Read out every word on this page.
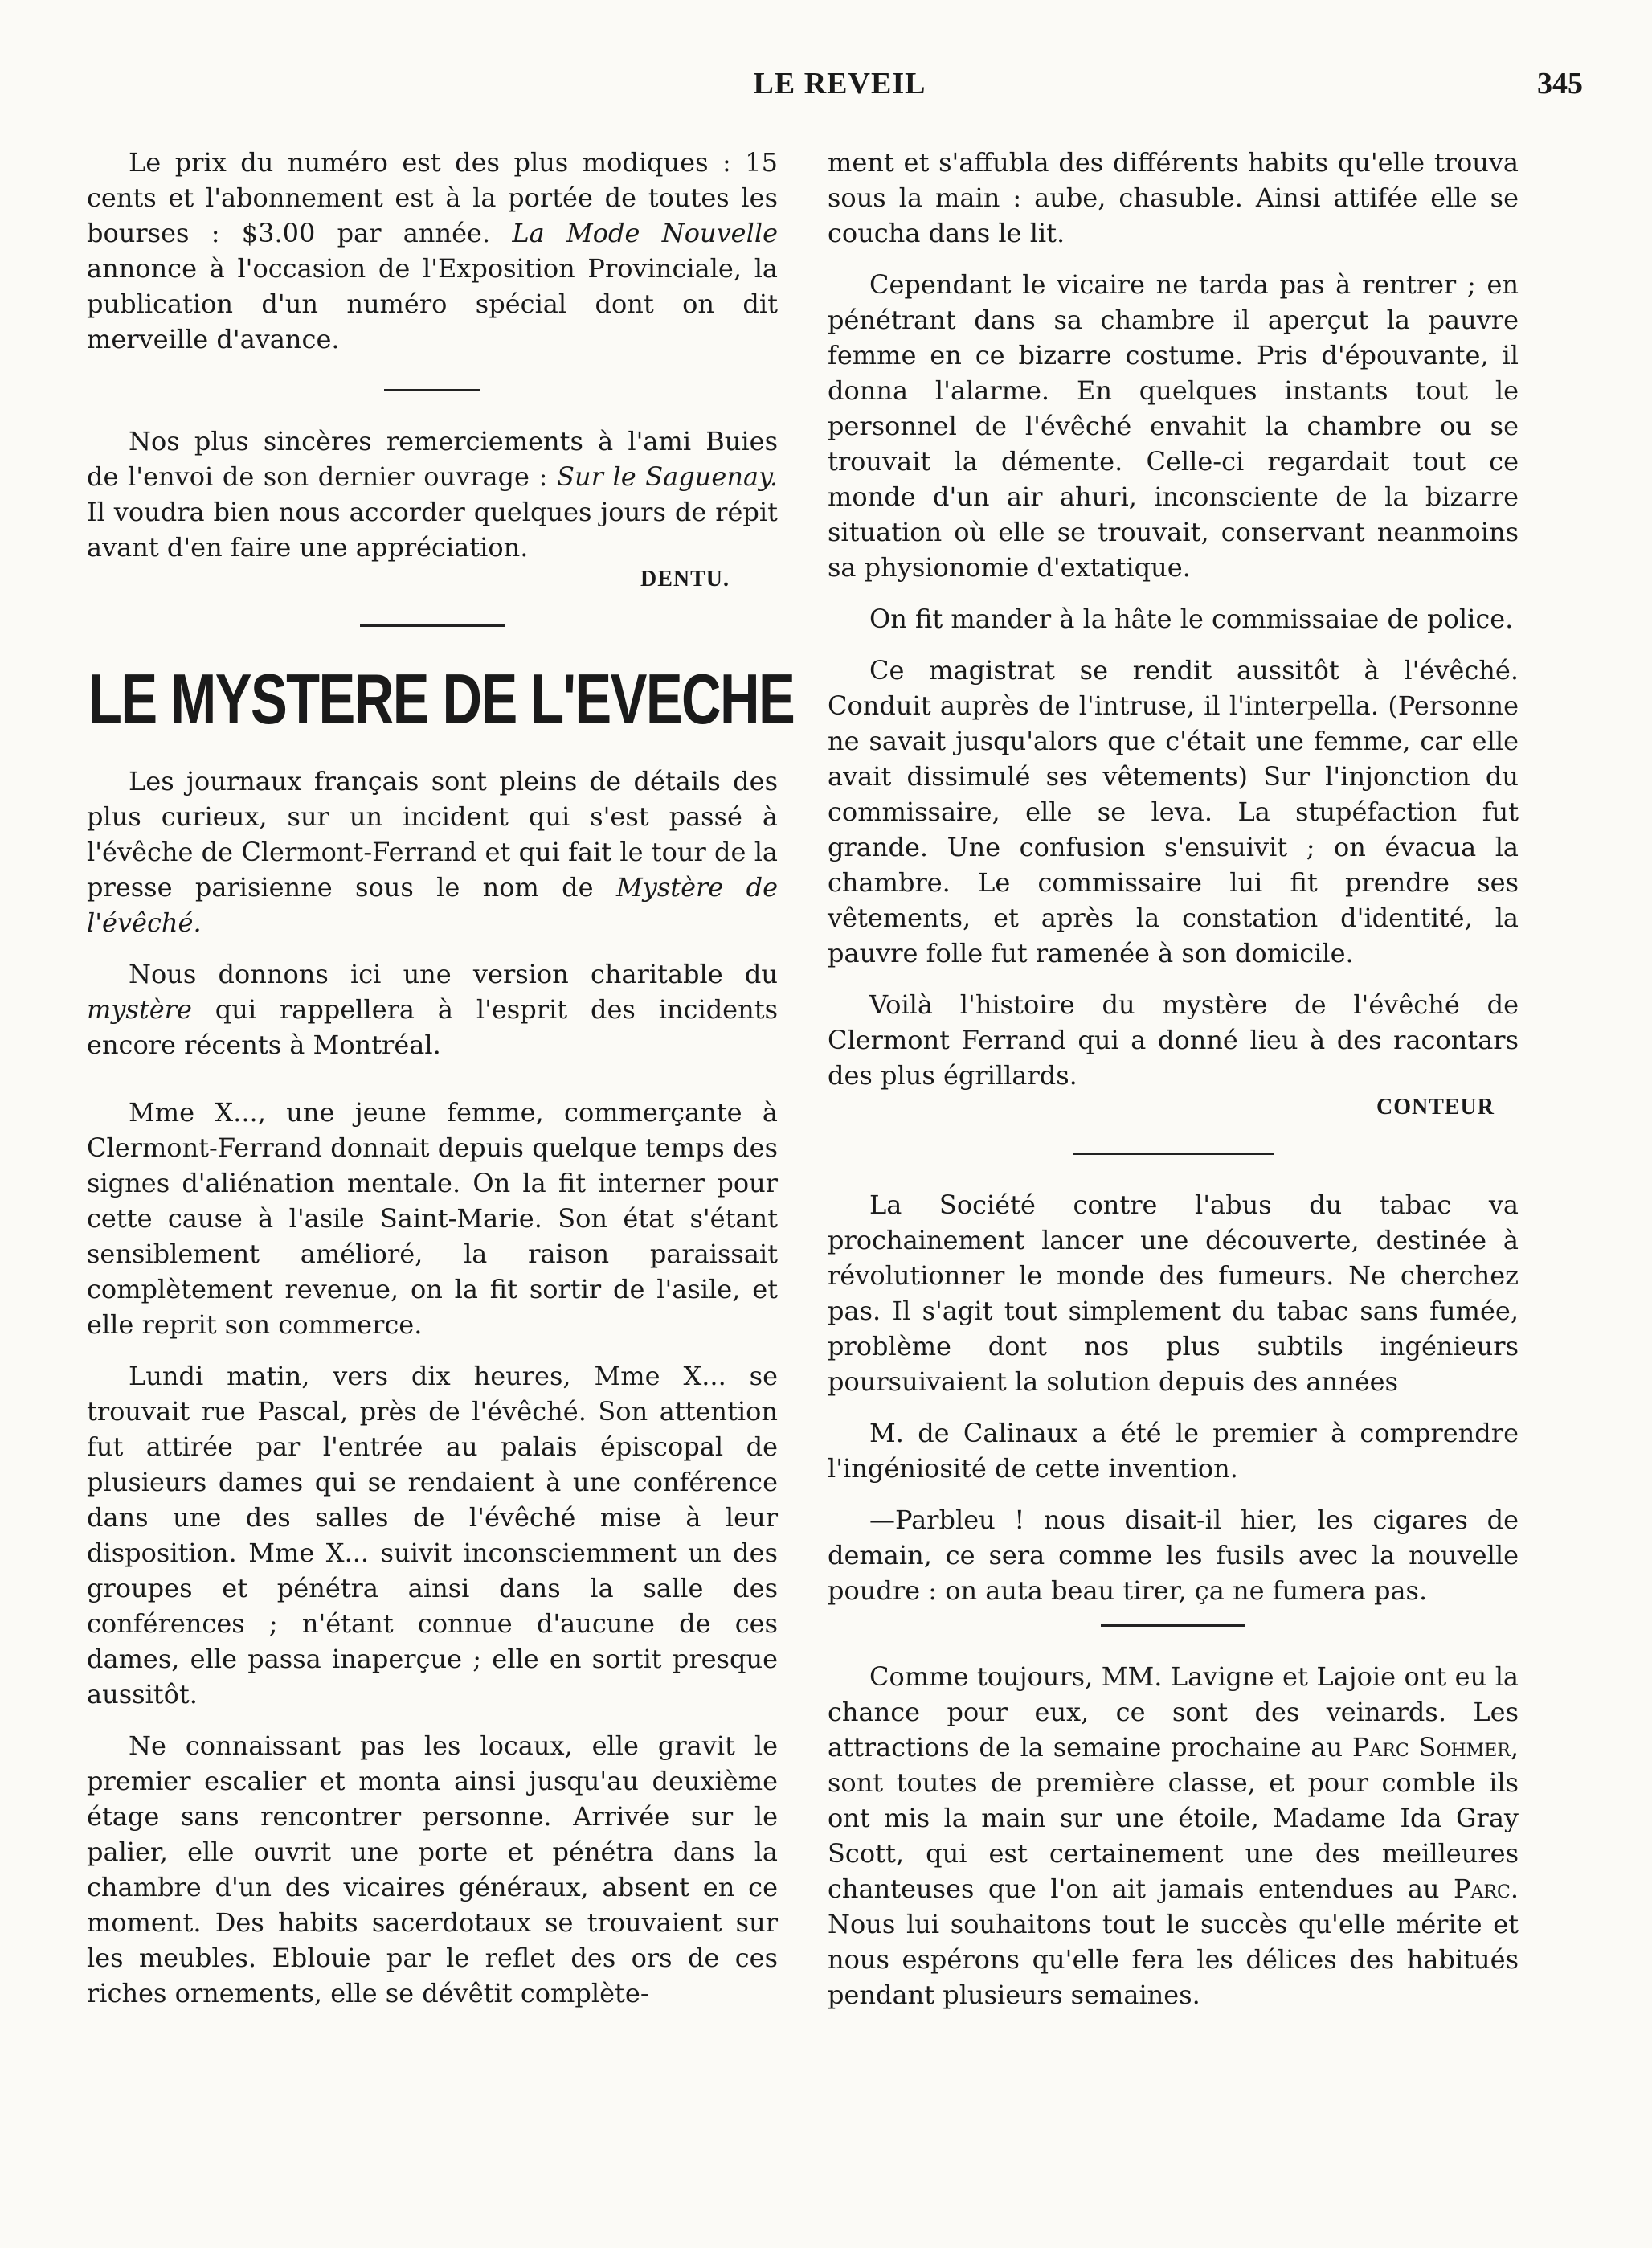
LE REVEIL	345

Le prix du numéro est des plus modiques : 15 cents et l'abonnement est à la portée de toutes les bourses : $3.00 par année. La Mode Nouvelle annonce à l'occasion de l'Exposition Provinciale, la publication d'un numéro spécial dont on dit merveille d'avance.

Nos plus sincères remerciements à l'ami Buies de l'envoi de son dernier ouvrage : Sur le Saguenay. Il voudra bien nous accorder quelques jours de répit avant d'en faire une appréciation.

DENTU.
LE MYSTERE DE L'EVECHE

Les journaux français sont pleins de détails des plus curieux, sur un incident qui s'est passé à l'évêche de Clermont-Ferrand et qui fait le tour de la presse parisienne sous le nom de Mystère de l'évêché.

Nous donnons ici une version charitable du mystère qui rappellera à l'esprit des incidents encore récents à Montréal.

Mme X..., une jeune femme, commerçante à Clermont-Ferrand donnait depuis quelque temps des signes d'aliénation mentale. On la fit interner pour cette cause à l'asile Saint-Marie. Son état s'étant sensiblement amélioré, la raison paraissait complètement revenue, on la fit sortir de l'asile, et elle reprit son commerce.

Lundi matin, vers dix heures, Mme X... se trouvait rue Pascal, près de l'évêché. Son attention fut attirée par l'entrée au palais épiscopal de plusieurs dames qui se rendaient à une conférence dans une des salles de l'évêché mise à leur disposition. Mme X... suivit inconsciemment un des groupes et pénétra ainsi dans la salle des conférences ; n'étant connue d'aucune de ces dames, elle passa inaperçue ; elle en sortit presque aussitôt.

Ne connaissant pas les locaux, elle gravit le premier escalier et monta ainsi jusqu'au deuxième étage sans rencontrer personne. Arrivée sur le palier, elle ouvrit une porte et pénétra dans la chambre d'un des vicaires généraux, absent en ce moment. Des habits sacerdotaux se trouvaient sur les meubles. Eblouie par le reflet des ors de ces riches ornements, elle se dévêtit complète-

ment et s'affubla des différents habits qu'elle trouva sous la main : aube, chasuble. Ainsi attifée elle se coucha dans le lit.

Cependant le vicaire ne tarda pas à rentrer ; en pénétrant dans sa chambre il aperçut la pauvre femme en ce bizarre costume. Pris d'épouvante, il donna l'alarme. En quelques instants tout le personnel de l'évêché envahit la chambre ou se trouvait la démente. Celle-ci regardait tout ce monde d'un air ahuri, inconsciente de la bizarre situation où elle se trouvait, conservant neanmoins sa physionomie d'extatique.

On fit mander à la hâte le commissaiae de police.

Ce magistrat se rendit aussitôt à l'évêché. Conduit auprès de l'intruse, il l'interpella. (Personne ne savait jusqu'alors que c'était une femme, car elle avait dissimulé ses vêtements) Sur l'injonction du commissaire, elle se leva. La stupéfaction fut grande. Une confusion s'ensuivit ; on évacua la chambre. Le commissaire lui fit prendre ses vêtements, et après la constation d'identité, la pauvre folle fut ramenée à son domicile.

Voilà l'histoire du mystère de l'évêché de Clermont Ferrand qui a donné lieu à des racontars des plus égrillards.

CONTEUR

La Société contre l'abus du tabac va prochainement lancer une découverte, destinée à révolutionner le monde des fumeurs. Ne cherchez pas. Il s'agit tout simplement du tabac sans fumée, problème dont nos plus subtils ingénieurs poursuivaient la solution depuis des années

M. de Calinaux a été le premier à comprendre l'ingéniosité de cette invention.

—Parbleu ! nous disait-il hier, les cigares de demain, ce sera comme les fusils avec la nouvelle poudre : on auta beau tirer, ça ne fumera pas.

Comme toujours, MM. Lavigne et Lajoie ont eu la chance pour eux, ce sont des veinards. Les attractions de la semaine prochaine au Parc Sohmer, sont toutes de première classe, et pour comble ils ont mis la main sur une étoile, Madame Ida Gray Scott, qui est certainement une des meilleures chanteuses que l'on ait jamais entendues au Parc. Nous lui souhaitons tout le succès qu'elle mérite et nous espérons qu'elle fera les délices des habitués pendant plusieurs semaines.
